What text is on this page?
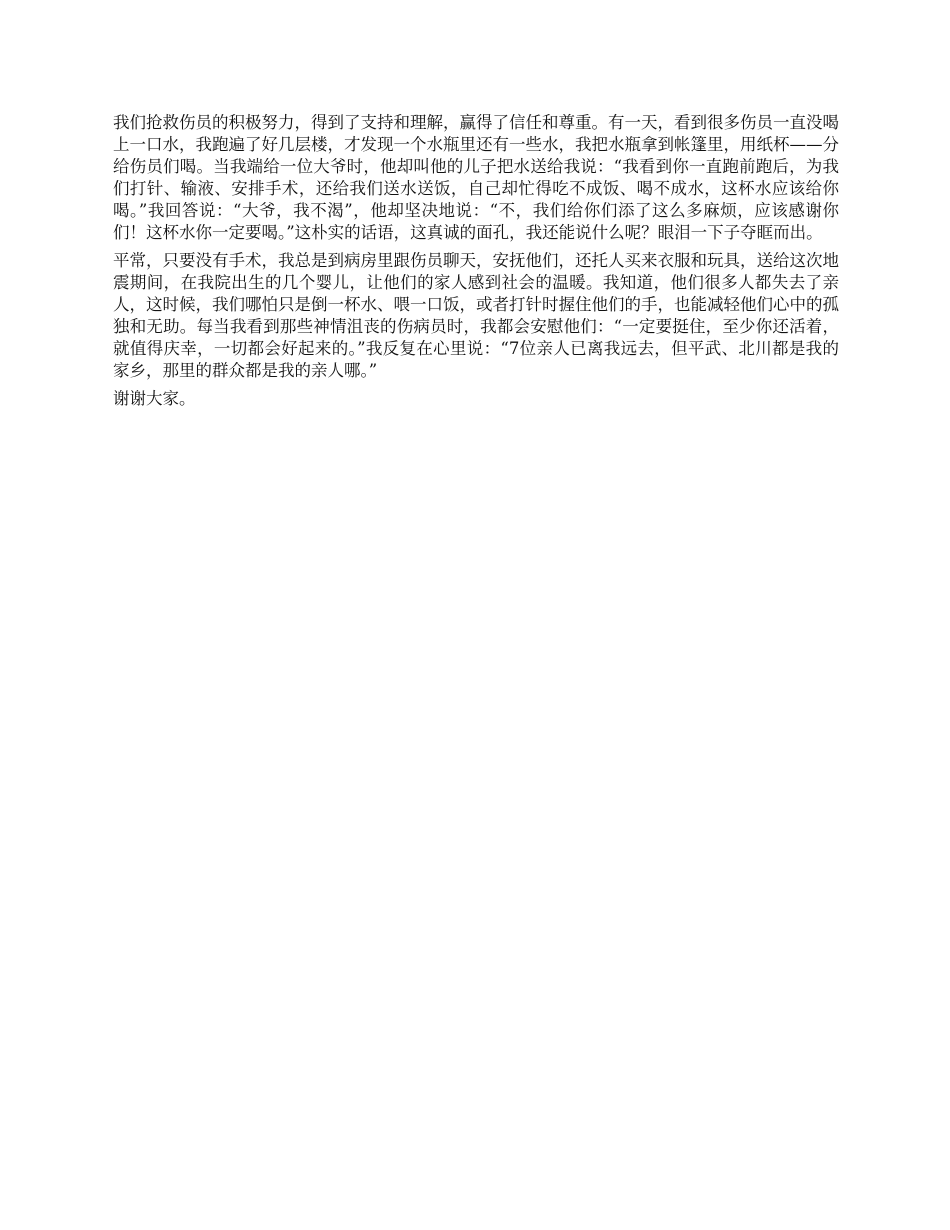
我们抢救伤员的积极努力，得到了支持和理解，赢得了信任和尊重。有一天，看到很多伤员一直没喝上一口水，我跑遍了好几层楼，才发现一个水瓶里还有一些水，我把水瓶拿到帐篷里，用纸杯——分给伤员们喝。当我端给一位大爷时，他却叫他的儿子把水送给我说：“我看到你一直跑前跑后，为我们打针、输液、安排手术，还给我们送水送饭，自己却忙得吃不成饭、喝不成水，这杯水应该给你喝。”我回答说：“大爷，我不渴”，他却坚决地说：“不，我们给你们添了这么多麻烦，应该感谢你们！这杯水你一定要喝。”这朴实的话语，这真诚的面孔，我还能说什么呢？眼泪一下子夺眶而出。

平常，只要没有手术，我总是到病房里跟伤员聊天，安抚他们，还托人买来衣服和玩具，送给这次地震期间，在我院出生的几个婴儿，让他们的家人感到社会的温暖。我知道，他们很多人都失去了亲人，这时候，我们哪怕只是倒一杯水、喂一口饭，或者打针时握住他们的手，也能减轻他们心中的孤独和无助。每当我看到那些神情沮丧的伤病员时，我都会安慰他们：“一定要挺住，至少你还活着，就值得庆幸，一切都会好起来的。”我反复在心里说：“7位亲人已离我远去，但平武、北川都是我的家乡，那里的群众都是我的亲人哪。”

谢谢大家。
